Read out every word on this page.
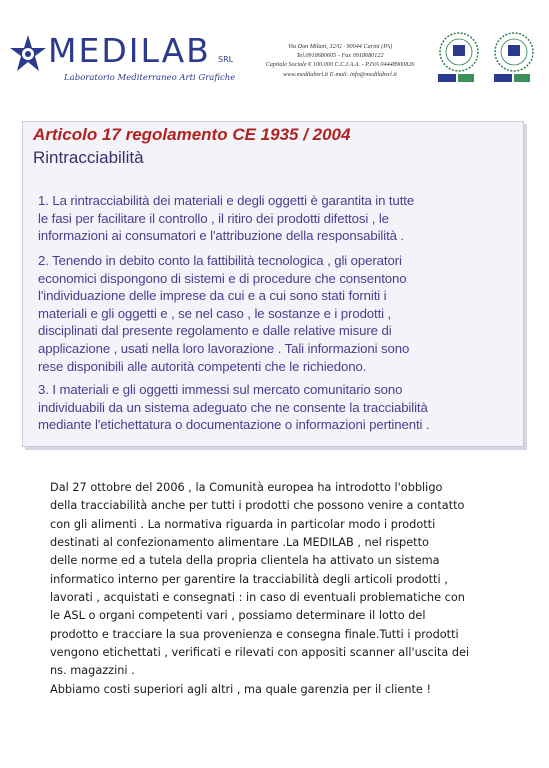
MEDILAB SRL
Laboratorio Mediterraneo Arti Grafiche
Via Don Milani, 32/G · 90044 Carini (PA)
Tel.0918680605 - Fax 0918680122
Capitale Sociale € 100.000 C.C.I.A.A. - P.IVA 04448900826
www.medilabsrl.it E-mail: info@medilabsrl.it
Articolo 17 regolamento CE 1935 / 2004
Rintracciabilità
1. La rintracciabilità dei materiali e degli oggetti è garantita in tutte
le fasi per facilitare il controllo , il ritiro dei prodotti difettosi , le
informazioni ai consumatori e l'attribuzione della responsabilità .
2. Tenendo in debito conto la fattibilità tecnologica , gli operatori
economici dispongono di sistemi e di procedure che consentono
l'individuazione delle imprese da cui e a cui sono stati forniti i
materiali e gli oggetti e , se nel caso , le sostanze e i prodotti ,
disciplinati dal presente regolamento e dalle relative misure di
applicazione , usati nella loro lavorazione . Tali informazioni sono
rese disponibili alle autorità competenti che le richiedono.
3. I materiali e gli oggetti immessi sul mercato comunitario sono
individuabili da un sistema adeguato che ne consente la tracciabilità
mediante l'etichettatura o documentazione o informazioni pertinenti .

Dal 27 ottobre del 2006 , la Comunità europea ha introdotto l'obbligo

della tracciabilità anche per tutti i prodotti che possono venire a contatto

con gli alimenti . La normativa riguarda in particolar modo i prodotti

destinati al confezionamento alimentare .La MEDILAB , nel rispetto

delle norme ed a tutela della propria clientela ha attivato un sistema

informatico interno per garentire la tracciabilità degli articoli prodotti ,

lavorati , acquistati e consegnati : in caso di eventuali problematiche con

le ASL o organi competenti vari , possiamo determinare il lotto del

prodotto e tracciare la sua provenienza e consegna finale.Tutti i prodotti

vengono etichettati , verificati e rilevati con appositi scanner all'uscita dei

ns. magazzini .

Abbiamo costi superiori agli altri , ma quale garenzia per il cliente !
